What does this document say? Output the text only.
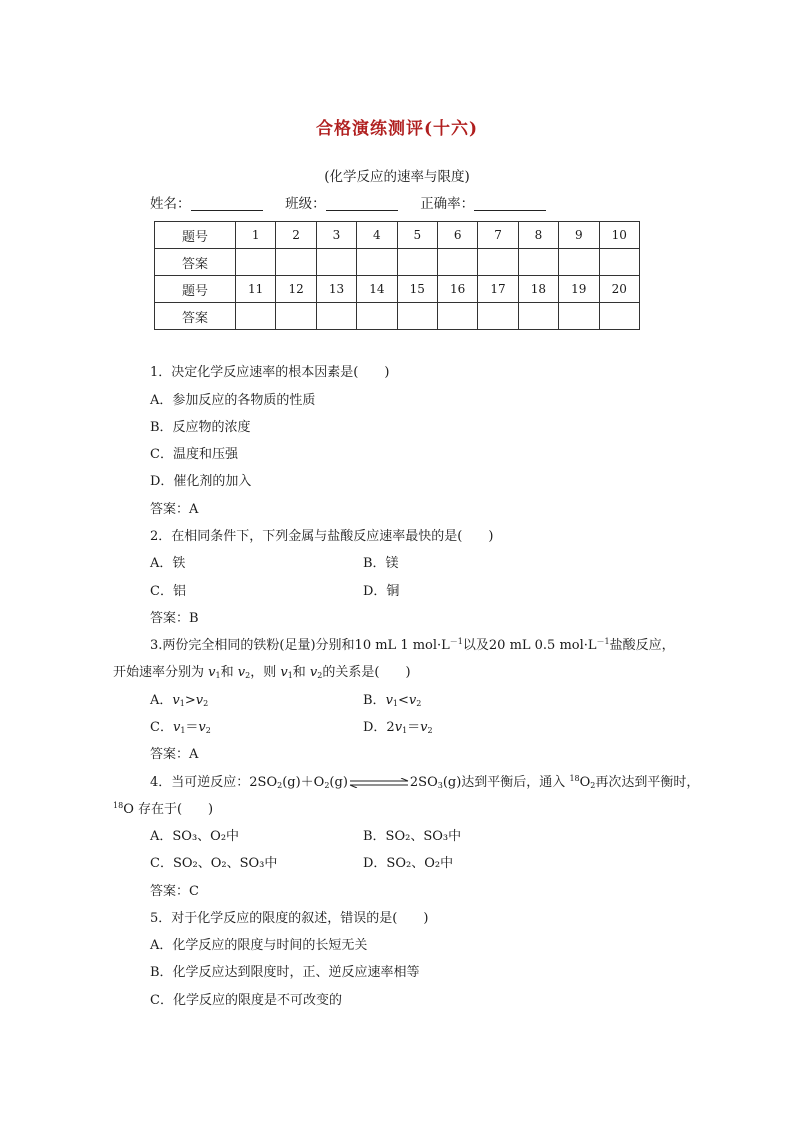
合格演练测评(十六)
(化学反应的速率与限度)
姓名：	班级：	正确率：
题号	1	2	3	4	5	6	7	8	9	10
答案										
题号	11	12	13	14	15	16	17	18	19	20
答案										
1．决定化学反应速率的根本因素是(　　)
A．参加反应的各物质的性质
B．反应物的浓度
C．温度和压强
D．催化剂的加入
答案：A
2．在相同条件下，下列金属与盐酸反应速率最快的是(　　)
A．铁	B．镁
C．铝	D．铜
答案：B
3.两份完全相同的铁粉(足量)分别和10 mL 1 $mol\cdot L^{-1}$以及20 mL 0.5 $mol\cdot L^{-1}$盐酸反应，
开始速率分别为 $v_1$和 $v_2$，则 $v_1$和 $v_2$的关系是(　　)
A．$v_1>v_2$	B．$v_1<v_2$
C．$v_1=v_2$	D．$2v_1=v_2$
答案：A
4．当可逆反应：$2SO_2(g)+O_2(g)$	$2SO_3(g)$达到平衡后，通入 $^{18}O_2$再次达到平衡时，
$^{18}$O 存在于(　　)
A．SO₃、O₂中	B．SO₂、SO₃中
C．SO₂、O₂、SO₃中	D．SO₂、O₂中
答案：C
5．对于化学反应的限度的叙述，错误的是(　　)
A．化学反应的限度与时间的长短无关
B．化学反应达到限度时，正、逆反应速率相等
C．化学反应的限度是不可改变的
